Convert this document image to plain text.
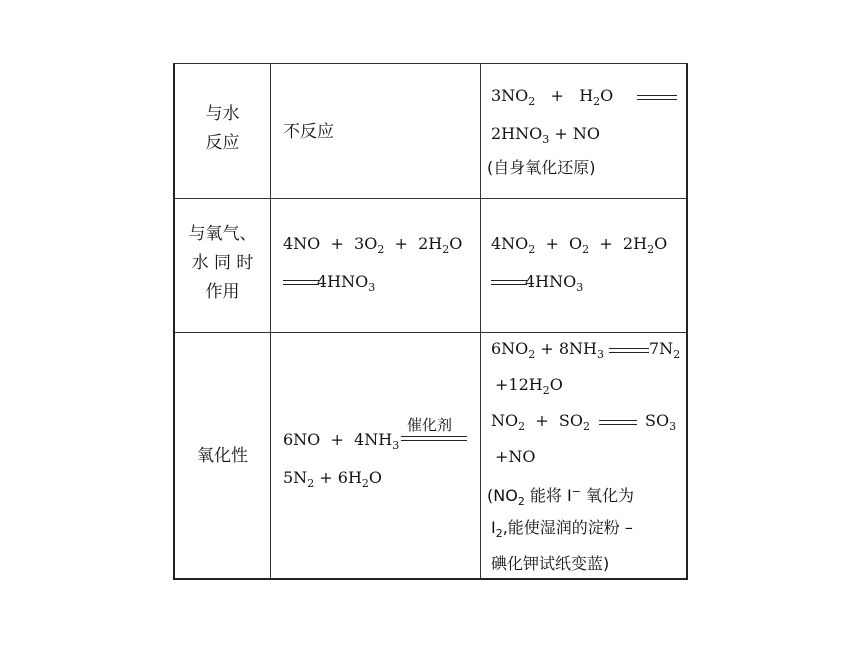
与水
反应
不反应
$3NO_2 + H_2O$
$2HNO_3$ + NO
(自身氧化还原)
与氧气、
水 同 时
作用
$4NO + 3O_2 + 2H_2O$
$4HNO_3$
$4NO_2 + O_2 + 2H_2O$
$4HNO_3$
氧化性
$6NO + 4NH_3$
催化剂
$5N_2 + 6H_2O$
$6NO_2 + 8NH_3$	$7N_2$
$+12H_2O$
$NO_2 + SO_2$	$SO_3$
+NO
($NO_2$ 能将 I− 氧化为
$I_2$,能使湿润的淀粉 –
碘化钾试纸变蓝)
